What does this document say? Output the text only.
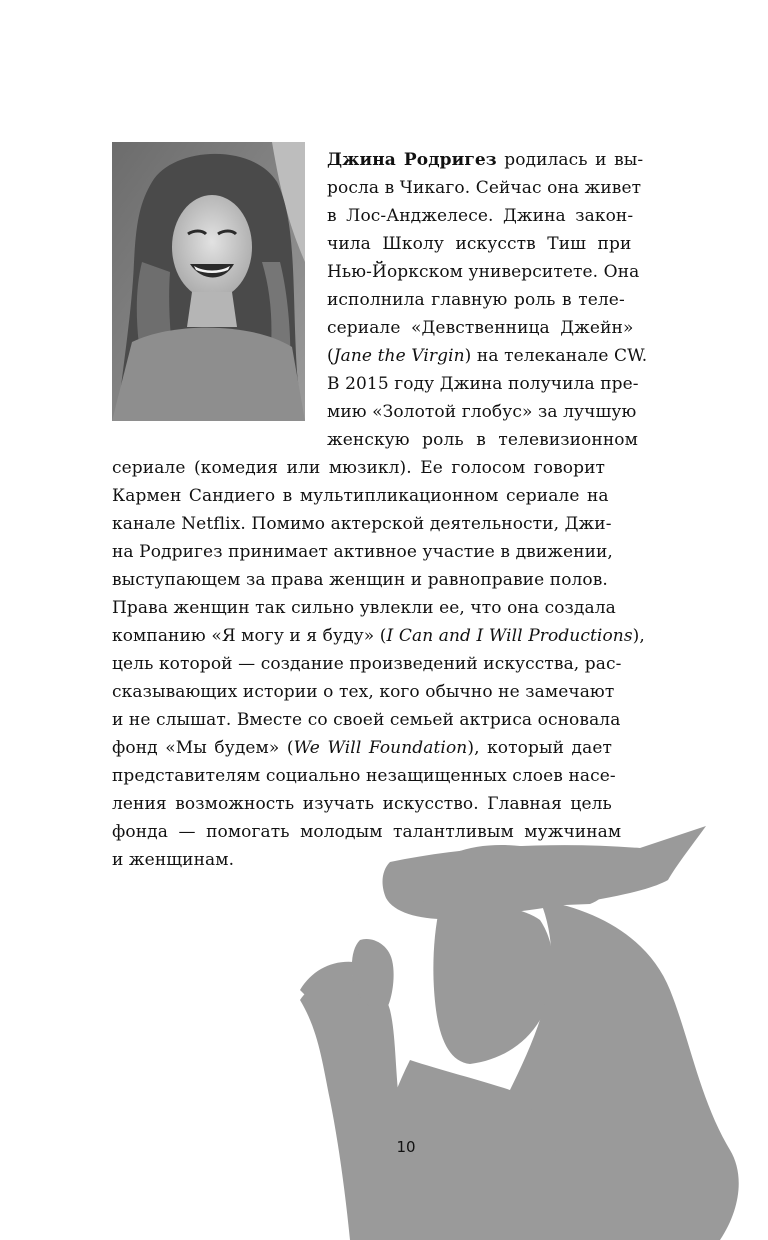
Джина Родригез родилась и вы-
росла в Чикаго. Сейчас она живет
в Лос-Анджелесе. Джина закон-
чила Школу искусств Тиш при
Нью-Йоркском университете. Она
исполнила главную роль в теле-
сериале «Девственница Джейн»
(Jane the Virgin) на телеканале CW.
В 2015 году Джина получила пре-
мию «Золотой глобус» за лучшую
женскую роль в телевизионном
сериале (комедия или мюзикл). Ее голосом говорит
Кармен Сандиего в мультипликационном сериале на
канале Netflix. Помимо актерской деятельности, Джи-
на Родригез принимает активное участие в движении,
выступающем за права женщин и равноправие полов.
Права женщин так сильно увлекли ее, что она создала
компанию «Я могу и я буду» (I Can and I Will Productions),
цель которой — создание произведений искусства, рас-
сказывающих истории о тех, кого обычно не замечают
и не слышат. Вместе со своей семьей актриса основала
фонд «Мы будем» (We Will Foundation), который дает
представителям социально незащищенных слоев насе-
ления возможность изучать искусство. Главная цель
фонда — помогать молодым талантливым мужчинам
и женщинам.
10
